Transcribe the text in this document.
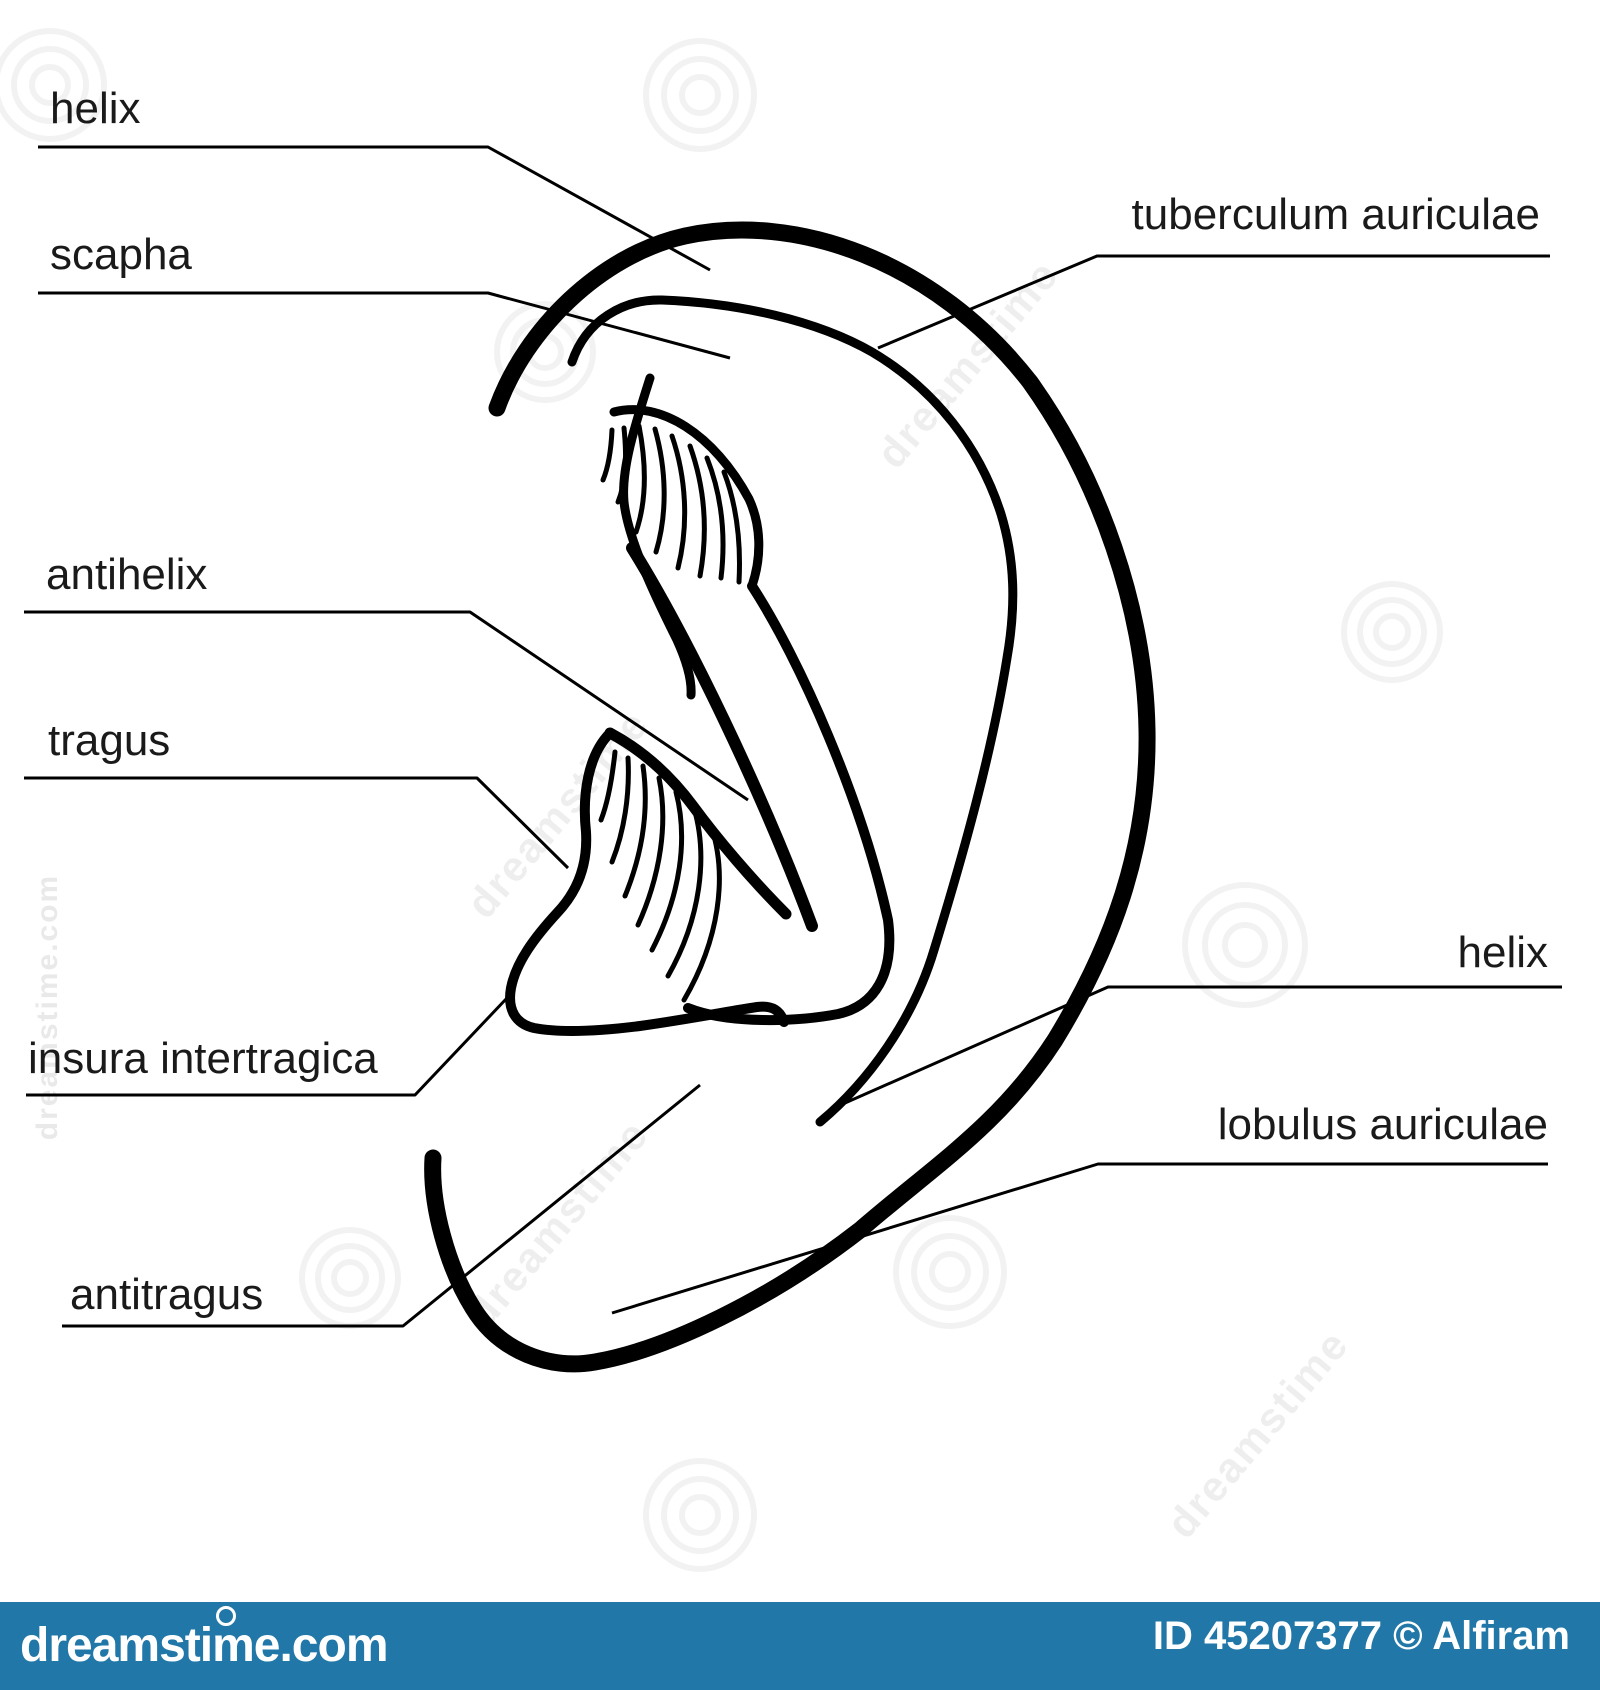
dreamstime
dreamstime
dreamstime
dreamstime
dreamstime.com
helix
scapha
antihelix
tragus
insura intertragica
antitragus
tuberculum auriculae
helix
lobulus auriculae
dreamstime.com	ID 45207377 © Alfiram
